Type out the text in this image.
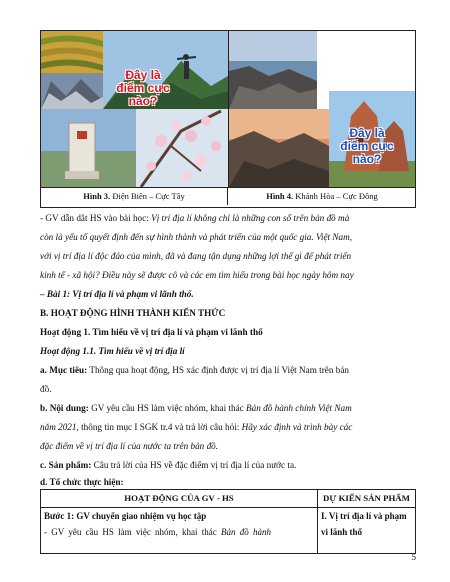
Đây là
điểm cực
nào?
Đây là
điểm cực
nào?
Hình 3. Điện Biên – Cực Tây	Hình 4. Khánh Hòa – Cực Đông
- GV dẫn dắt HS vào bài học: Vị trí địa lí không chỉ là những con số trên bản đồ mà
còn là yếu tố quyết định đến sự hình thành và phát triển của một quốc gia. Việt Nam,
với vị trí địa lí độc đáo của mình, đã và đang tận dụng những lợi thế gì để phát triển
kinh tế - xã hội? Điều này sẽ được cô và các em tìm hiểu trong bài học ngày hôm nay
– Bài 1: Vị trí địa lí và phạm vi lãnh thổ.
B. HOẠT ĐỘNG HÌNH THÀNH KIẾN THỨC
Hoạt động 1. Tìm hiểu về vị trí địa lí và phạm vi lãnh thổ
Hoạt động 1.1. Tìm hiểu về vị trí địa lí
a. Mục tiêu: Thông qua hoạt động, HS xác định được vị trí địa lí Việt Nam trên bản
đồ.
b. Nội dung: GV yêu cầu HS làm việc nhóm, khai thác Bản đồ hành chính Việt Nam
năm 2021, thông tin mục I SGK tr.4 và trả lời câu hỏi: Hãy xác định và trình bày các
đặc điểm về vị trí địa lí của nước ta trên bản đồ.
c. Sản phẩm: Câu trả lời của HS về đặc điểm vị trí địa lí của nước ta.
d. Tổ chức thực hiện:
HOẠT ĐỘNG CỦA GV - HS	DỰ KIẾN SẢN PHẨM
Bước 1: GV chuyển giao nhiệm vụ học tập
- GV yêu cầu HS làm việc nhóm, khai thác Bản đồ hành
I. Vị trí địa lí và phạm
vi lãnh thổ
5
